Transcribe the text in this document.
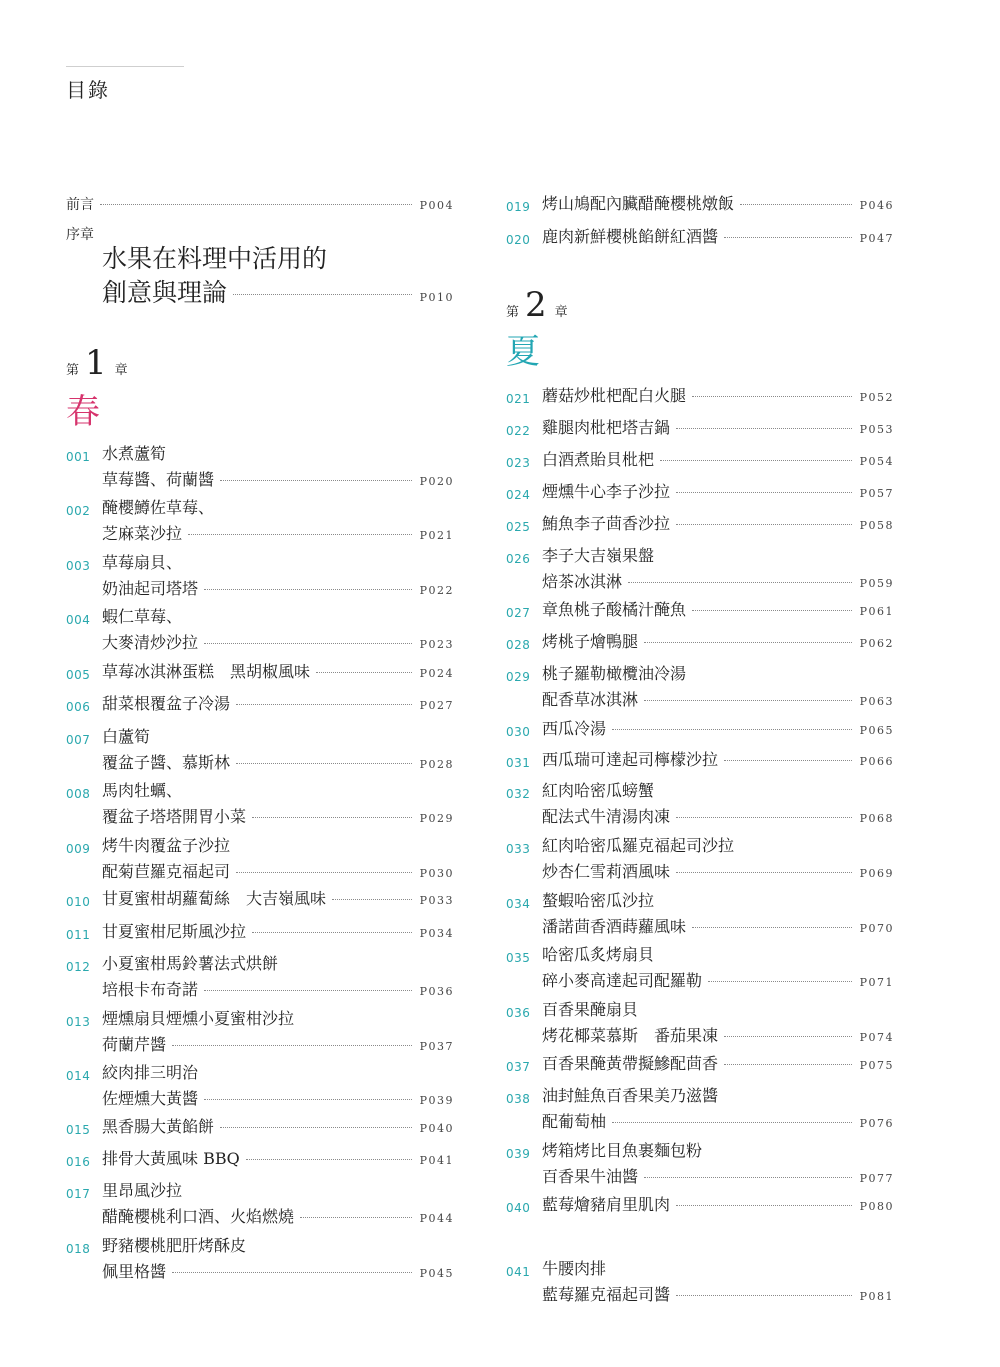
目錄
前言	P004
序章
水果在料理中活用的
創意與理論	P010
第 1 章
春
001 水煮蘆筍
草莓醬、荷蘭醬	P020
002 醃櫻鱒佐草莓、
芝麻菜沙拉	P021
003 草莓扇貝、
奶油起司塔塔	P022
004 蝦仁草莓、
大麥清炒沙拉	P023
005 草莓冰淇淋蛋糕　黑胡椒風味	P024
006 甜菜根覆盆子冷湯	P027
007 白蘆筍
覆盆子醬、慕斯林	P028
008 馬肉牡蠣、
覆盆子塔塔開胃小菜	P029
009 烤牛肉覆盆子沙拉
配菊苣羅克福起司	P030
010 甘夏蜜柑胡蘿蔔絲　大吉嶺風味	P033
011 甘夏蜜柑尼斯風沙拉	P034
012 小夏蜜柑馬鈴薯法式烘餅
培根卡布奇諾	P036
013 煙燻扇貝煙燻小夏蜜柑沙拉
荷蘭芹醬	P037
014 絞肉排三明治
佐煙燻大黃醬	P039
015 黑香腸大黃餡餅	P040
016 排骨大黃風味 BBQ	P041
017 里昂風沙拉
醋醃櫻桃利口酒、火焰燃燒	P044
018 野豬櫻桃肥肝烤酥皮
佩里格醬	P045
019 烤山鳩配內臟醋醃櫻桃燉飯	P046
020 鹿肉新鮮櫻桃餡餅紅酒醬	P047
第 2 章
夏
021 蘑菇炒枇杷配白火腿	P052
022 雞腿肉枇杷塔吉鍋	P053
023 白酒煮貽貝枇杷	P054
024 煙燻牛心李子沙拉	P057
025 鮪魚李子茴香沙拉	P058
026 李子大吉嶺果盤
焙茶冰淇淋	P059
027 章魚桃子酸橘汁醃魚	P061
028 烤桃子燴鴨腿	P062
029 桃子羅勒橄欖油冷湯
配香草冰淇淋	P063
030 西瓜冷湯	P065
031 西瓜瑞可達起司檸檬沙拉	P066
032 紅肉哈密瓜螃蟹
配法式牛清湯肉凍	P068
033 紅肉哈密瓜羅克福起司沙拉
炒杏仁雪莉酒風味	P069
034 螯蝦哈密瓜沙拉
潘諾茴香酒蒔蘿風味	P070
035 哈密瓜炙烤扇貝
碎小麥高達起司配羅勒	P071
036 百香果醃扇貝
烤花椰菜慕斯　番茄果凍	P074
037 百香果醃黃帶擬鰺配茴香	P075
038 油封鮭魚百香果美乃滋醬
配葡萄柚	P076
039 烤箱烤比目魚裹麵包粉
百香果牛油醬	P077
040 藍莓燴豬肩里肌肉	P080
041 牛腰肉排
藍莓羅克福起司醬	P081
